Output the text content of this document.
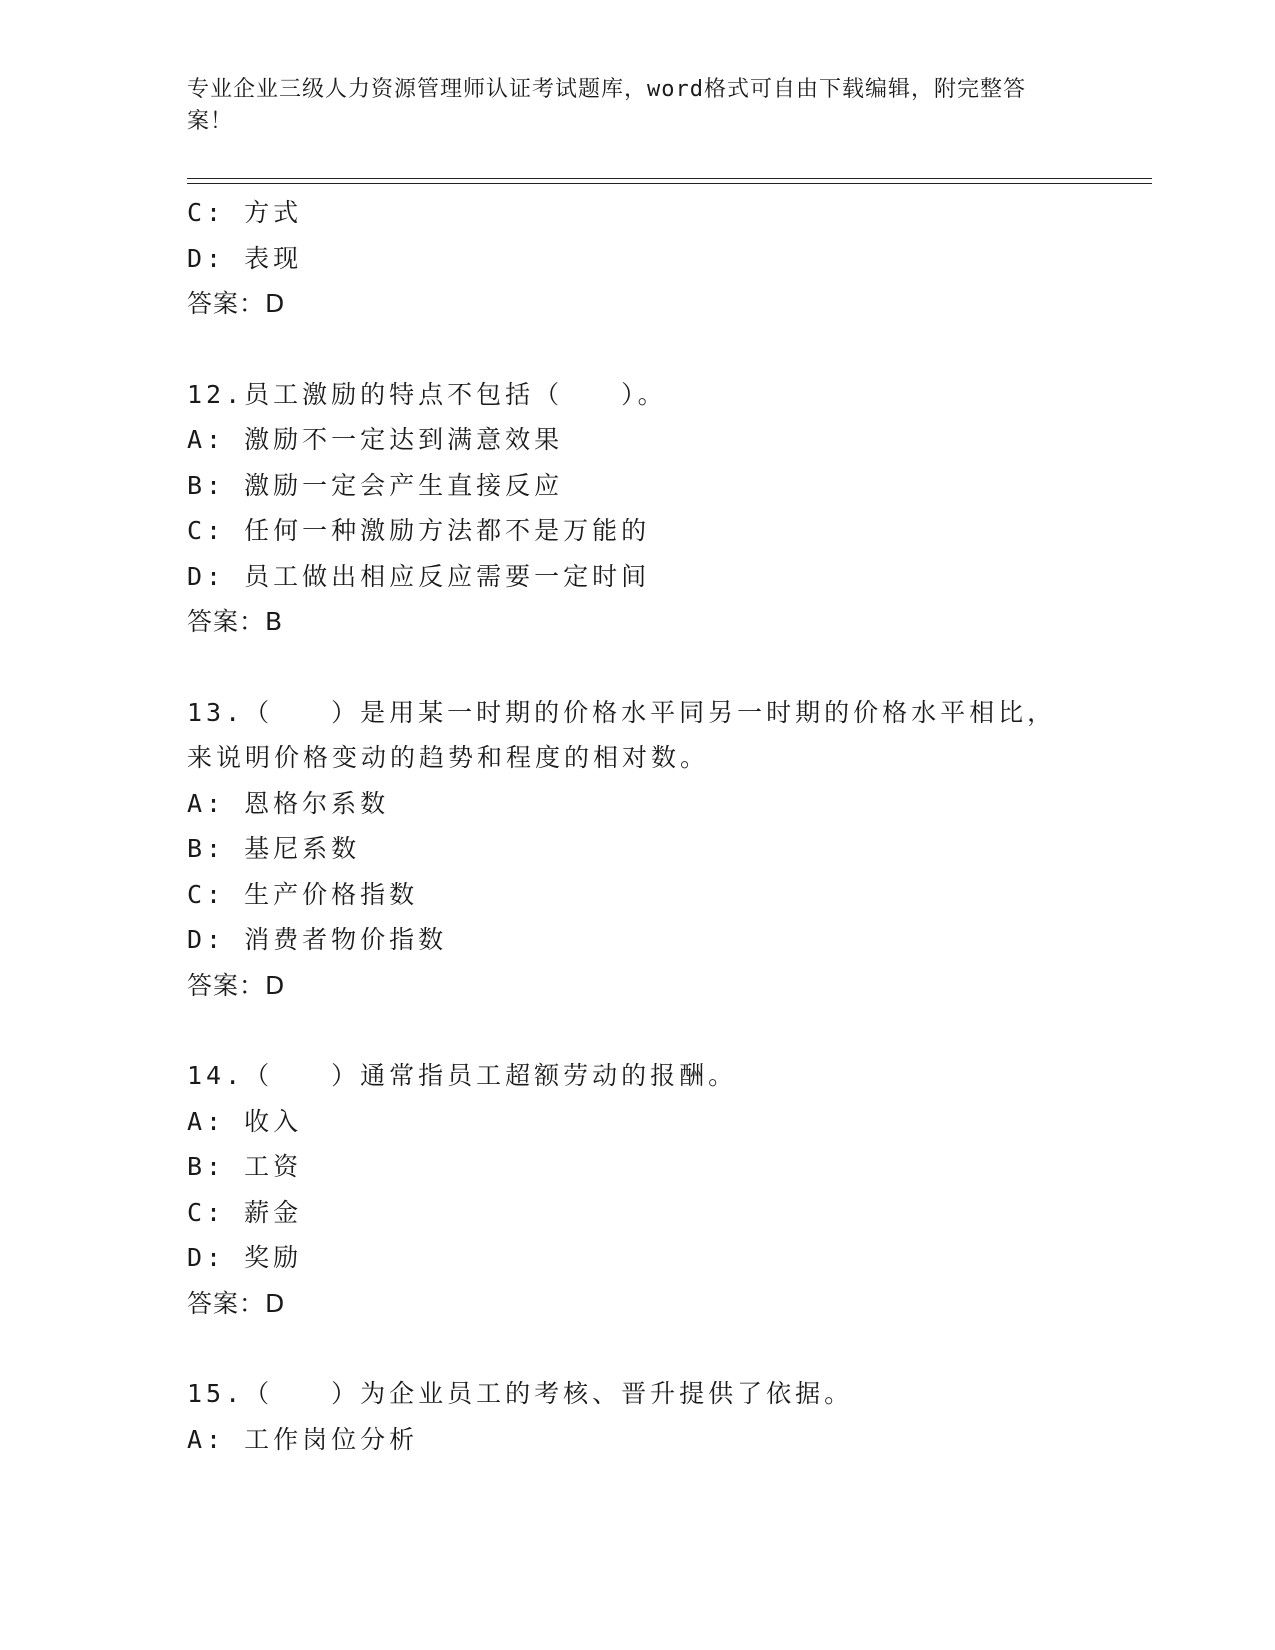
专业企业三级人力资源管理师认证考试题库，word格式可自由下载编辑，附完整答案！
C: 方式
D: 表现
答案：D
12.员工激励的特点不包括（　　）。
A: 激励不一定达到满意效果
B: 激励一定会产生直接反应
C: 任何一种激励方法都不是万能的
D: 员工做出相应反应需要一定时间
答案：B
13.（　　）是用某一时期的价格水平同另一时期的价格水平相比，来说明价格变动的趋势和程度的相对数。
A: 恩格尔系数
B: 基尼系数
C: 生产价格指数
D: 消费者物价指数
答案：D
14.（　　）通常指员工超额劳动的报酬。
A: 收入
B: 工资
C: 薪金
D: 奖励
答案：D
15.（　　）为企业员工的考核、晋升提供了依据。
A: 工作岗位分析
